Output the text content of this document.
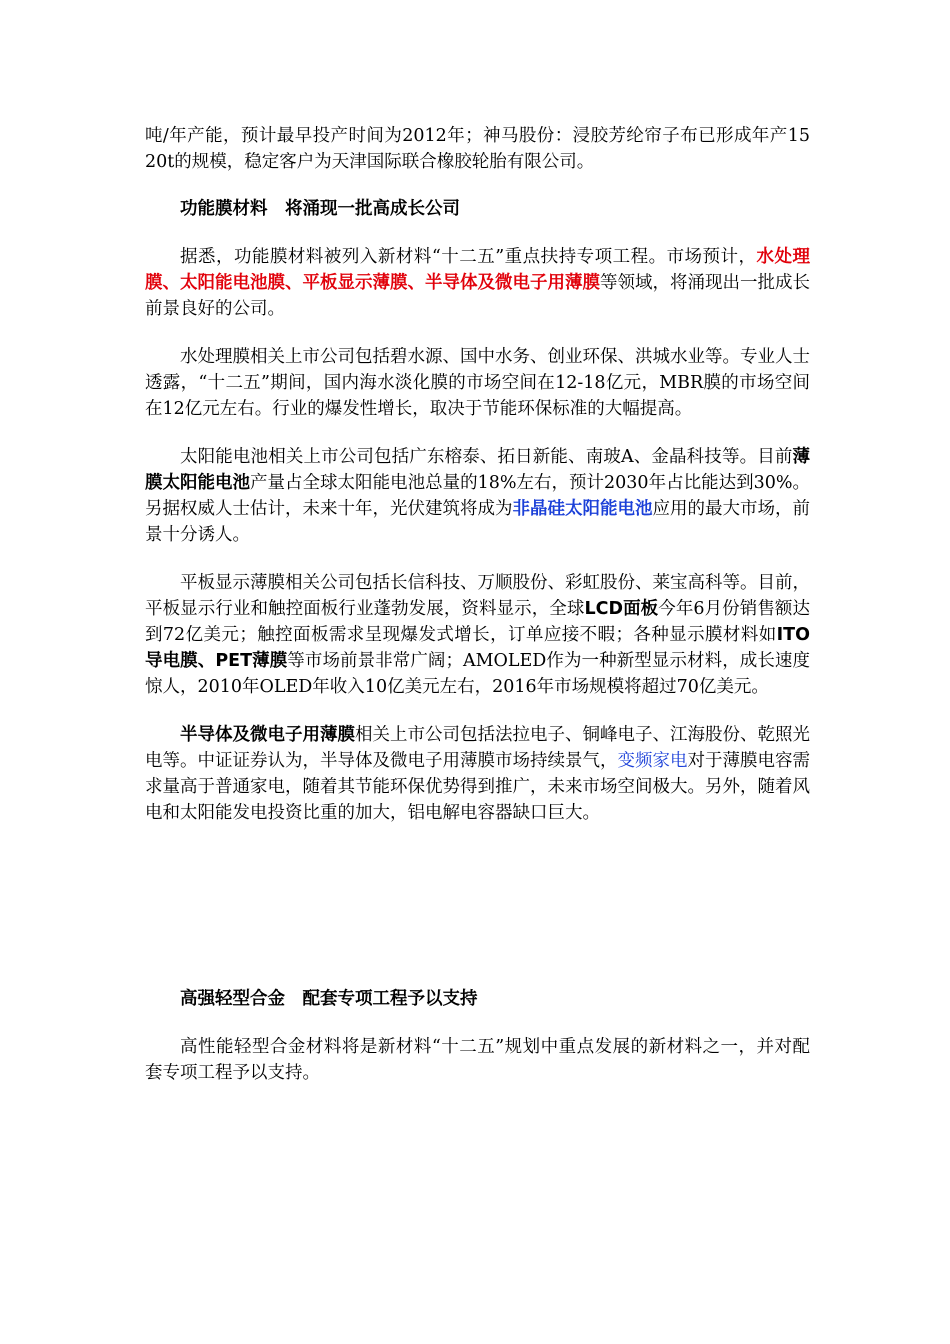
吨/年产能，预计最早投产时间为2012年；神马股份：浸胶芳纶帘子布已形成年产15 20t的规模，稳定客户为天津国际联合橡胶轮胎有限公司。

功能膜材料　将涌现一批高成长公司

据悉，功能膜材料被列入新材料“十二五”重点扶持专项工程。市场预计，水处理膜、太阳能电池膜、平板显示薄膜、半导体及微电子用薄膜等领域，将涌现出一批成长前景良好的公司。

水处理膜相关上市公司包括碧水源、国中水务、创业环保、洪城水业等。专业人士透露，“十二五”期间，国内海水淡化膜的市场空间在12-18亿元，MBR膜的市场空间在12亿元左右。行业的爆发性增长，取决于节能环保标准的大幅提高。

太阳能电池相关上市公司包括广东榕泰、拓日新能、南玻A、金晶科技等。目前薄膜太阳能电池产量占全球太阳能电池总量的18%左右，预计2030年占比能达到30%。另据权威人士估计，未来十年，光伏建筑将成为非晶硅太阳能电池应用的最大市场，前景十分诱人。

平板显示薄膜相关公司包括长信科技、万顺股份、彩虹股份、莱宝高科等。目前，平板显示行业和触控面板行业蓬勃发展，资料显示，全球LCD面板今年6月份销售额达到72亿美元；触控面板需求呈现爆发式增长，订单应接不暇；各种显示膜材料如ITO导电膜、PET薄膜等市场前景非常广阔；AMOLED作为一种新型显示材料，成长速度惊人，2010年OLED年收入10亿美元左右，2016年市场规模将超过70亿美元。

半导体及微电子用薄膜相关上市公司包括法拉电子、铜峰电子、江海股份、乾照光电等。中证证券认为，半导体及微电子用薄膜市场持续景气，变频家电对于薄膜电容需求量高于普通家电，随着其节能环保优势得到推广，未来市场空间极大。另外，随着风电和太阳能发电投资比重的加大，铝电解电容器缺口巨大。

高强轻型合金　配套专项工程予以支持

高性能轻型合金材料将是新材料“十二五”规划中重点发展的新材料之一，并对配套专项工程予以支持。
